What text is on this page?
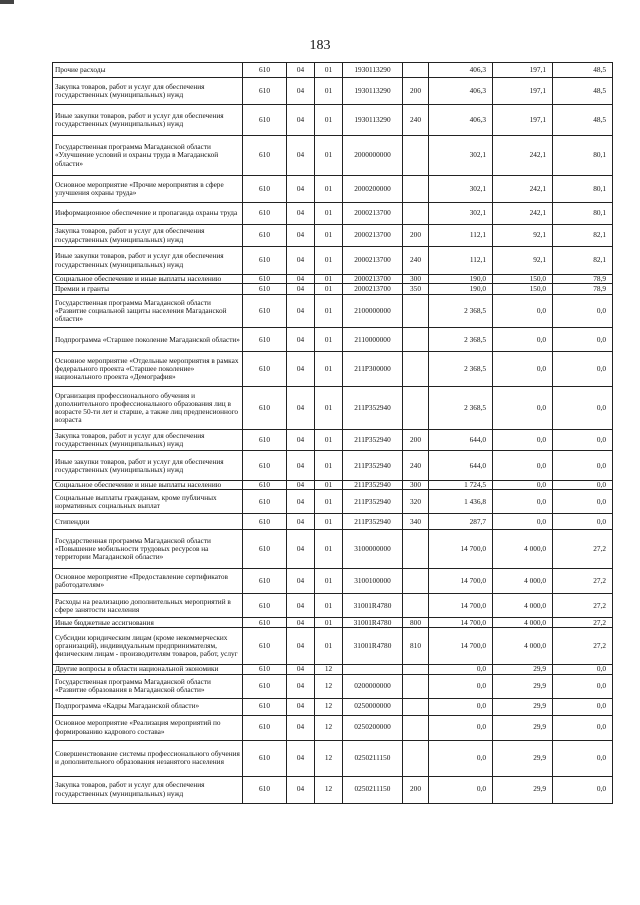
183
Прочие расходы	610	04	01	1930113290		406,3	197,1	48,5
Закупка товаров, работ и услуг для обеспечения государственных (муниципальных) нужд	610	04	01	1930113290	200	406,3	197,1	48,5
Иные закупки товаров, работ и услуг для обеспечения государственных (муниципальных) нужд	610	04	01	1930113290	240	406,3	197,1	48,5
Государственная программа Магаданской области «Улучшение условий и охраны труда в Магаданской области»	610	04	01	2000000000		302,1	242,1	80,1
Основное мероприятие «Прочие мероприятия в сфере улучшения охраны труда»	610	04	01	2000200000		302,1	242,1	80,1
Информационное обеспечение и пропаганда охраны труда	610	04	01	2000213700		302,1	242,1	80,1
Закупка товаров, работ и услуг для обеспечения государственных (муниципальных) нужд	610	04	01	2000213700	200	112,1	92,1	82,1
Иные закупки товаров, работ и услуг для обеспечения государственных (муниципальных) нужд	610	04	01	2000213700	240	112,1	92,1	82,1
Социальное обеспечение и иные выплаты населению	610	04	01	2000213700	300	190,0	150,0	78,9
Премии и гранты	610	04	01	2000213700	350	190,0	150,0	78,9
Государственная программа Магаданской области «Развитие социальной защиты населения Магаданской области»	610	04	01	2100000000		2 368,5	0,0	0,0
Подпрограмма «Старшее поколение Магаданской области»	610	04	01	2110000000		2 368,5	0,0	0,0
Основное мероприятие «Отдельные мероприятия в рамках федерального проекта «Старшее поколение» национального проекта «Демография»	610	04	01	211P300000		2 368,5	0,0	0,0
Организация профессионального обучения и дополнительного профессионального образования лиц в возрасте 50-ти лет и старше, а также лиц предпенсионного возраста	610	04	01	211P352940		2 368,5	0,0	0,0
Закупка товаров, работ и услуг для обеспечения государственных (муниципальных) нужд	610	04	01	211P352940	200	644,0	0,0	0,0
Иные закупки товаров, работ и услуг для обеспечения государственных (муниципальных) нужд	610	04	01	211P352940	240	644,0	0,0	0,0
Социальное обеспечение и иные выплаты населению	610	04	01	211P352940	300	1 724,5	0,0	0,0
Социальные выплаты гражданам, кроме публичных нормативных социальных выплат	610	04	01	211P352940	320	1 436,8	0,0	0,0
Стипендии	610	04	01	211P352940	340	287,7	0,0	0,0
Государственная программа Магаданской области «Повышение мобильности трудовых ресурсов на территории Магаданской области»	610	04	01	3100000000		14 700,0	4 000,0	27,2
Основное мероприятие «Предоставление сертификатов работодателям»	610	04	01	3100100000		14 700,0	4 000,0	27,2
Расходы на реализацию дополнительных мероприятий в сфере занятости населения	610	04	01	31001R4780		14 700,0	4 000,0	27,2
Иные бюджетные ассигнования	610	04	01	31001R4780	800	14 700,0	4 000,0	27,2
Субсидии юридическим лицам (кроме некоммерческих организаций), индивидуальным предпринимателям, физическим лицам - производителям товаров, работ, услуг	610	04	01	31001R4780	810	14 700,0	4 000,0	27,2
Другие вопросы в области национальной экономики	610	04	12			0,0	29,9	0,0
Государственная программа Магаданской области «Развитие образования в Магаданской области»	610	04	12	0200000000		0,0	29,9	0,0
Подпрограмма «Кадры Магаданской области»	610	04	12	0250000000		0,0	29,9	0,0
Основное мероприятие «Реализация мероприятий по формированию кадрового состава»	610	04	12	0250200000		0,0	29,9	0,0
Совершенствование системы профессионального обучения и дополнительного образования незанятого населения	610	04	12	0250211150		0,0	29,9	0,0
Закупка товаров, работ и услуг для обеспечения государственных (муниципальных) нужд	610	04	12	0250211150	200	0,0	29,9	0,0
